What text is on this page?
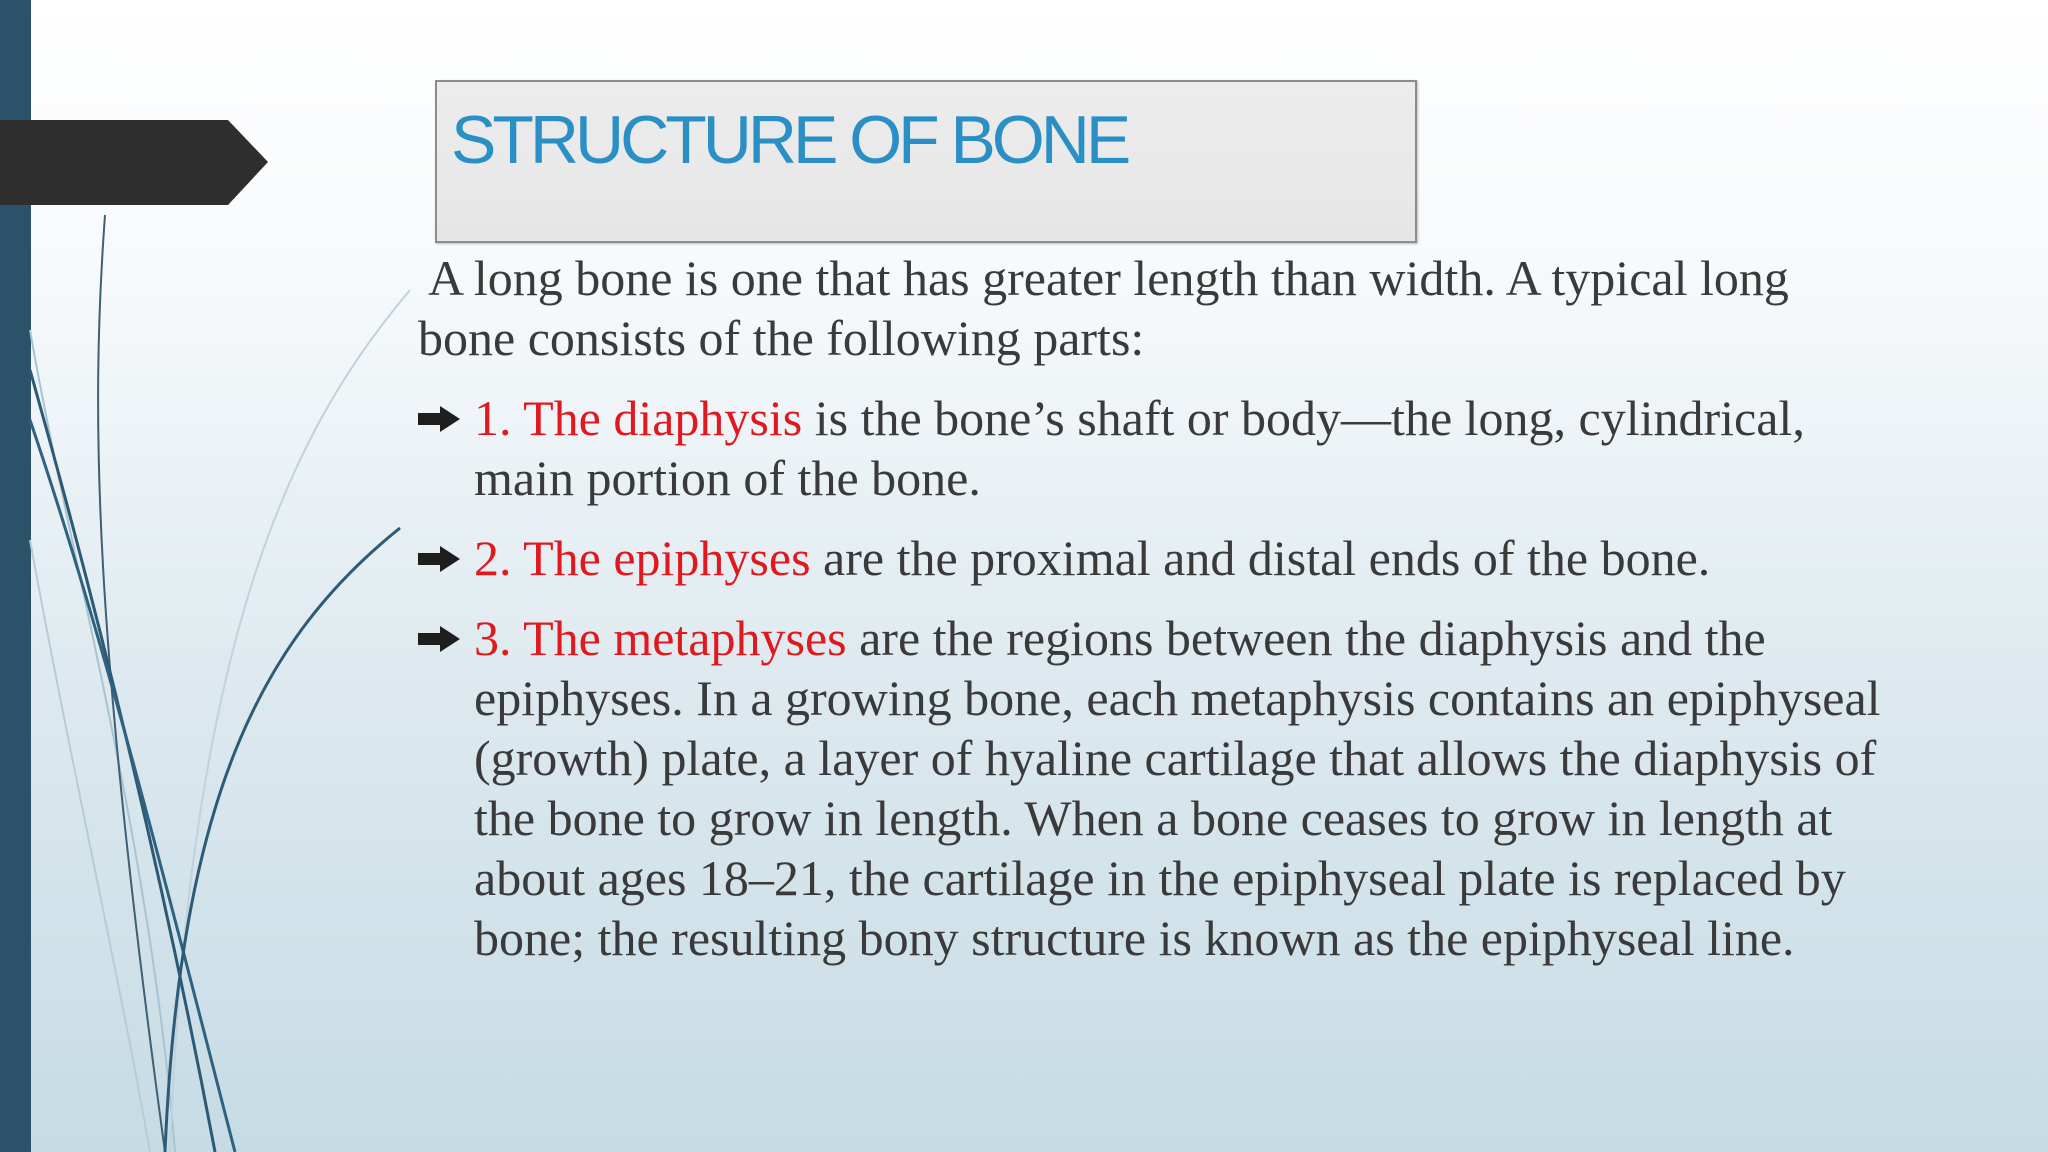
STRUCTURE OF BONE

A long bone is one that has greater length than width. A typical long bone consists of the following parts:

1. The diaphysis is the bone’s shaft or body—the long, cylindrical, main portion of the bone.
2. The epiphyses are the proximal and distal ends of the bone.
3. The metaphyses are the regions between the diaphysis and the epiphyses. In a growing bone, each metaphysis contains an epiphyseal (growth) plate, a layer of hyaline cartilage that allows the diaphysis of the bone to grow in length. When a bone ceases to grow in length at about ages 18–21, the cartilage in the epiphyseal plate is replaced by bone; the resulting bony structure is known as the epiphyseal line.
